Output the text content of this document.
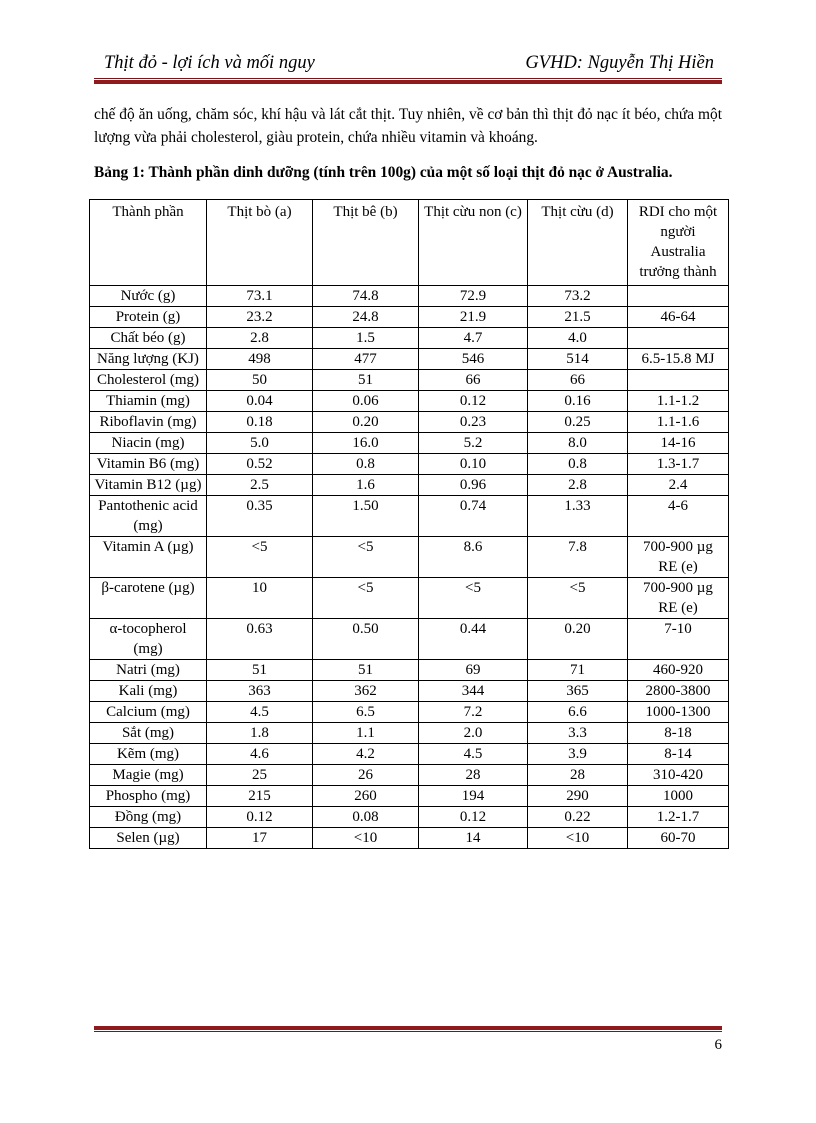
Thịt đỏ - lợi ích và mối nguy	GVHD: Nguyễn Thị Hiền
chế độ ăn uống, chăm sóc, khí hậu và lát cắt thịt. Tuy nhiên, về cơ bản thì thịt đỏ nạc ít béo, chứa một lượng vừa phải cholesterol, giàu protein, chứa nhiều vitamin và khoáng.
Bảng 1: Thành phần dinh dưỡng (tính trên 100g) của một số loại thịt đỏ nạc ở Australia.
Thành phần	Thịt bò (a)	Thịt bê (b)	Thịt cừu non (c)	Thịt cừu (d)	RDI cho một người Australia trưởng thành
Nước (g)	73.1	74.8	72.9	73.2	
Protein (g)	23.2	24.8	21.9	21.5	46-64
Chất béo (g)	2.8	1.5	4.7	4.0	
Năng lượng (KJ)	498	477	546	514	6.5-15.8 MJ
Cholesterol (mg)	50	51	66	66	
Thiamin (mg)	0.04	0.06	0.12	0.16	1.1-1.2
Riboflavin (mg)	0.18	0.20	0.23	0.25	1.1-1.6
Niacin (mg)	5.0	16.0	5.2	8.0	14-16
Vitamin B6 (mg)	0.52	0.8	0.10	0.8	1.3-1.7
Vitamin B12 (µg)	2.5	1.6	0.96	2.8	2.4
Pantothenic acid (mg)	0.35	1.50	0.74	1.33	4-6
Vitamin A (µg)	<5	<5	8.6	7.8	700-900 µg RE (e)
β-carotene (µg)	10	<5	<5	<5	700-900 µg RE (e)
α-tocopherol (mg)	0.63	0.50	0.44	0.20	7-10
Natri (mg)	51	51	69	71	460-920
Kali (mg)	363	362	344	365	2800-3800
Calcium (mg)	4.5	6.5	7.2	6.6	1000-1300
Sắt (mg)	1.8	1.1	2.0	3.3	8-18
Kẽm (mg)	4.6	4.2	4.5	3.9	8-14
Magie (mg)	25	26	28	28	310-420
Phospho (mg)	215	260	194	290	1000
Đồng (mg)	0.12	0.08	0.12	0.22	1.2-1.7
Selen (µg)	17	<10	14	<10	60-70
6
